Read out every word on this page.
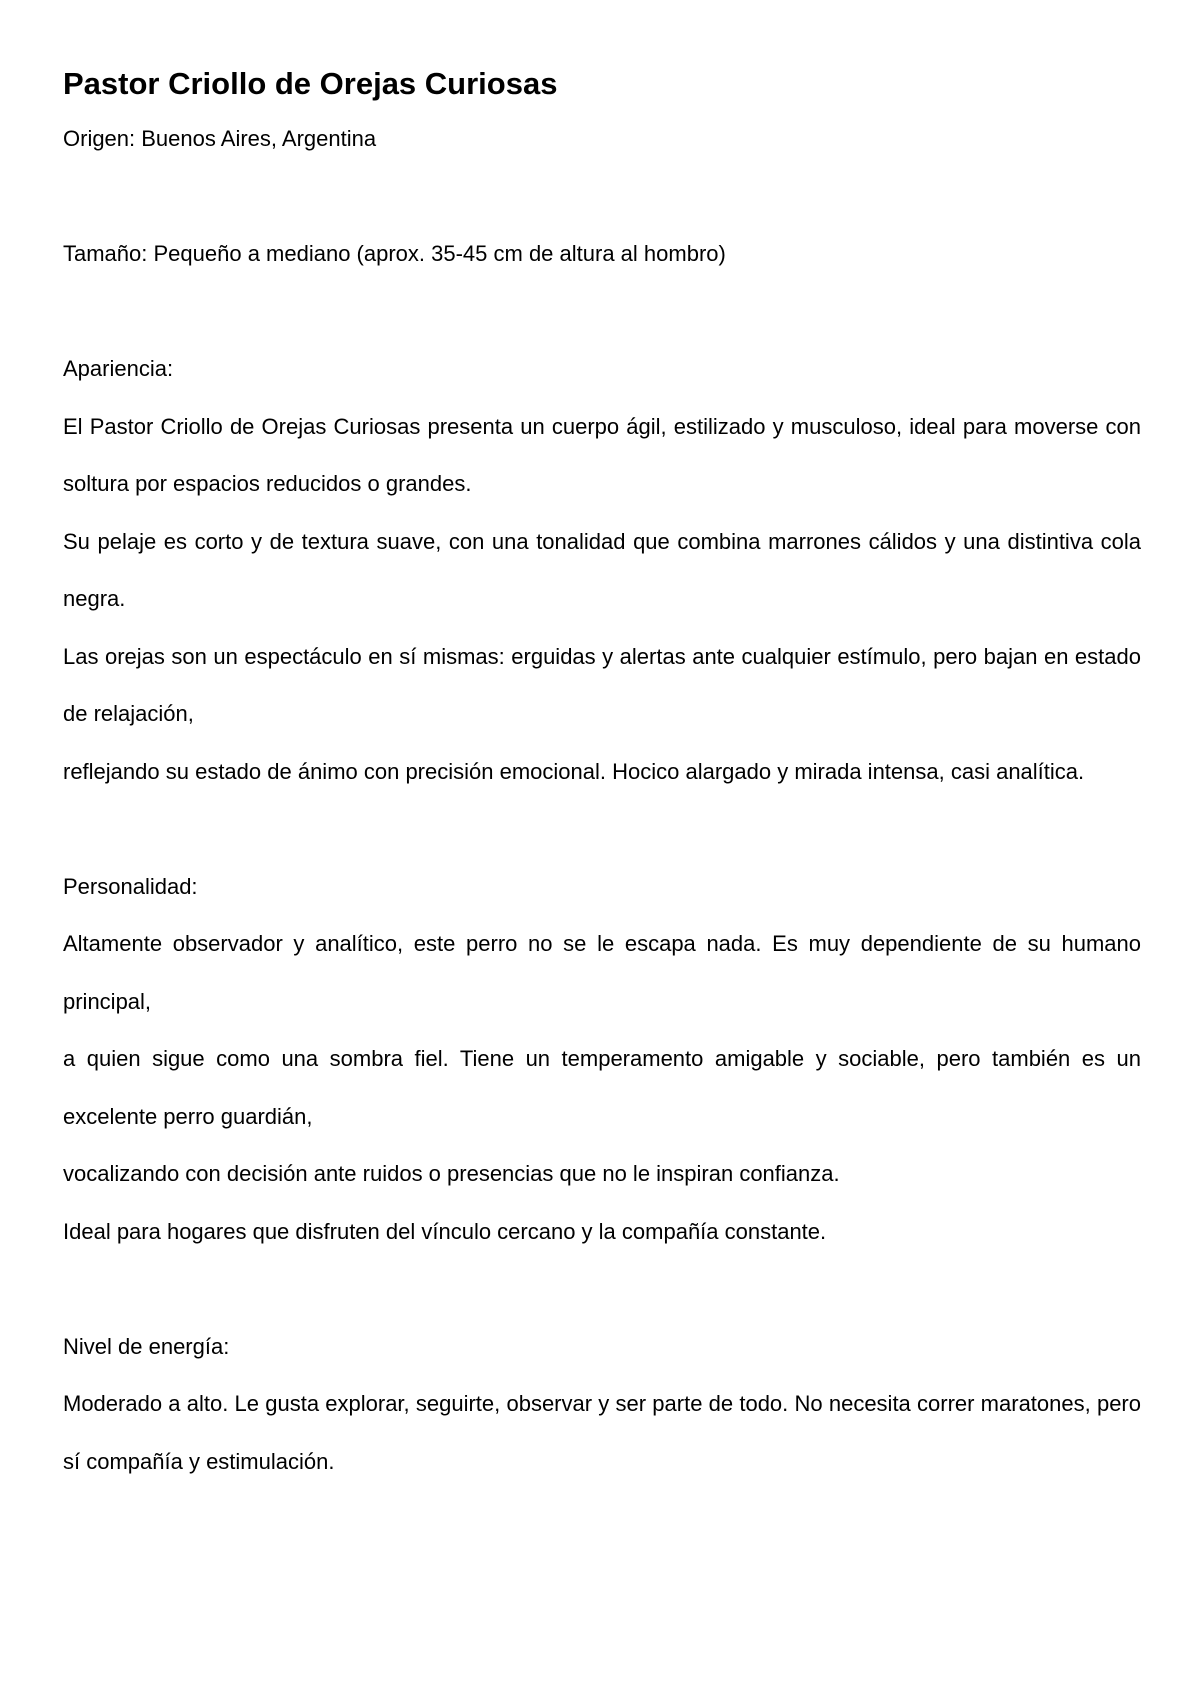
Pastor Criollo de Orejas Curiosas

Origen: Buenos Aires, Argentina

Tamaño: Pequeño a mediano (aprox. 35-45 cm de altura al hombro)

Apariencia:

El Pastor Criollo de Orejas Curiosas presenta un cuerpo ágil, estilizado y musculoso, ideal para moverse con soltura por espacios reducidos o grandes.

Su pelaje es corto y de textura suave, con una tonalidad que combina marrones cálidos y una distintiva cola negra.

Las orejas son un espectáculo en sí mismas: erguidas y alertas ante cualquier estímulo, pero bajan en estado de relajación,

reflejando su estado de ánimo con precisión emocional. Hocico alargado y mirada intensa, casi analítica.

Personalidad:

Altamente observador y analítico, este perro no se le escapa nada. Es muy dependiente de su humano principal,

a quien sigue como una sombra fiel. Tiene un temperamento amigable y sociable, pero también es un excelente perro guardián,

vocalizando con decisión ante ruidos o presencias que no le inspiran confianza.

Ideal para hogares que disfruten del vínculo cercano y la compañía constante.

Nivel de energía:

Moderado a alto. Le gusta explorar, seguirte, observar y ser parte de todo. No necesita correr maratones, pero sí compañía y estimulación.
